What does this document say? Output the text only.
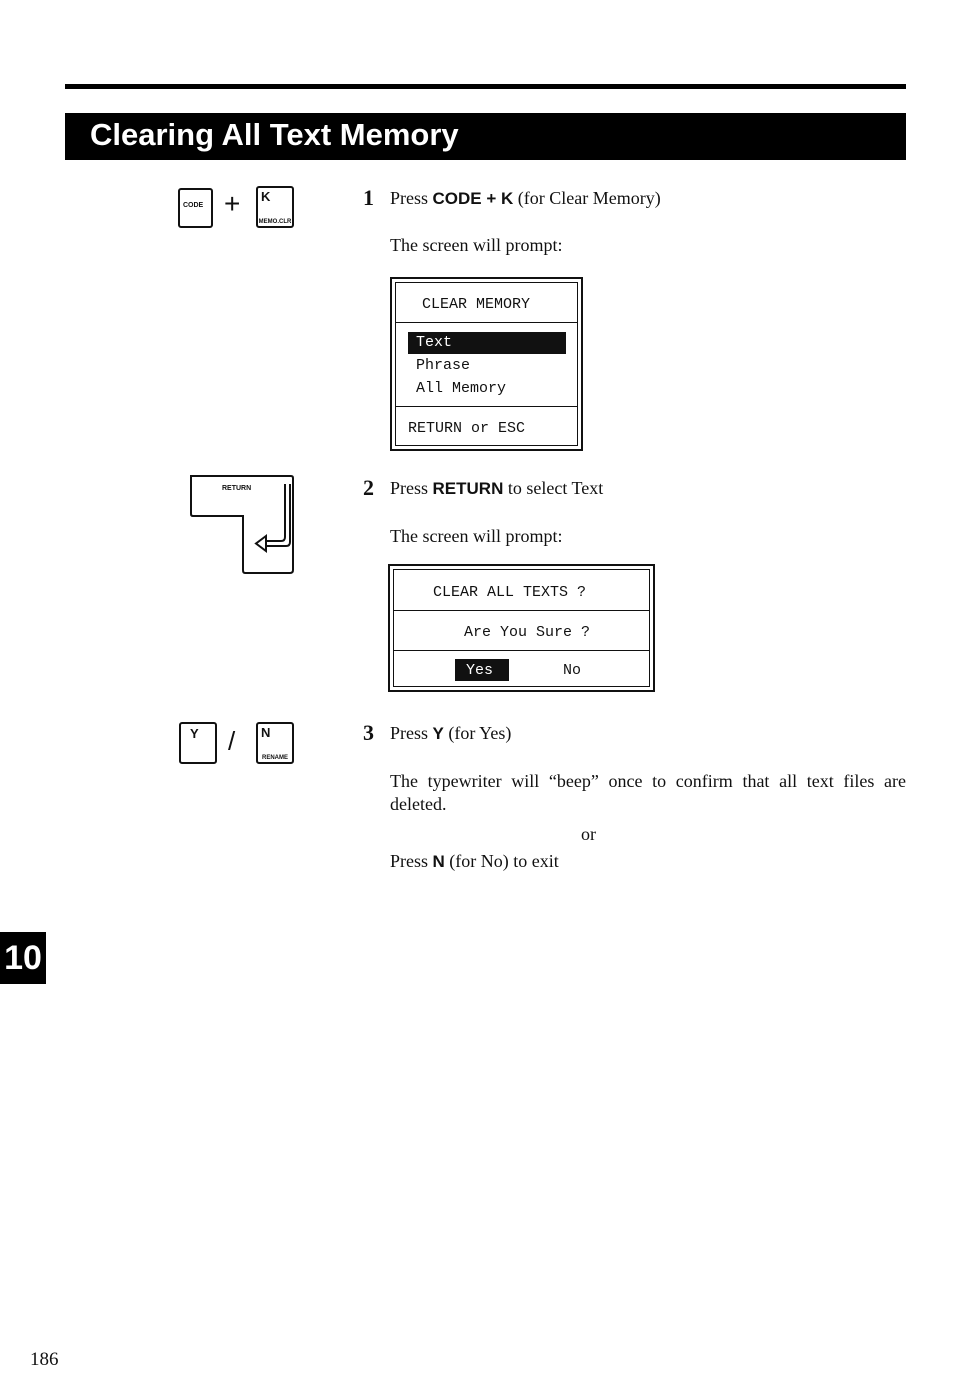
Clearing All Text Memory
CODE + K
MEMO.CLR
1 Press CODE + K (for Clear Memory)
The screen will prompt:
CLEAR MEMORY
Text
Phrase
All Memory
RETURN or ESC
RETURN	2 Press RETURN to select Text
The screen will prompt:
CLEAR ALL TEXTS ?
Are You Sure ?
Yes	No
Y / N
RENAME
3 Press Y (for Yes)
The typewriter will “beep” once to confirm that all text files are deleted.
or
Press N (for No) to exit
10
186
